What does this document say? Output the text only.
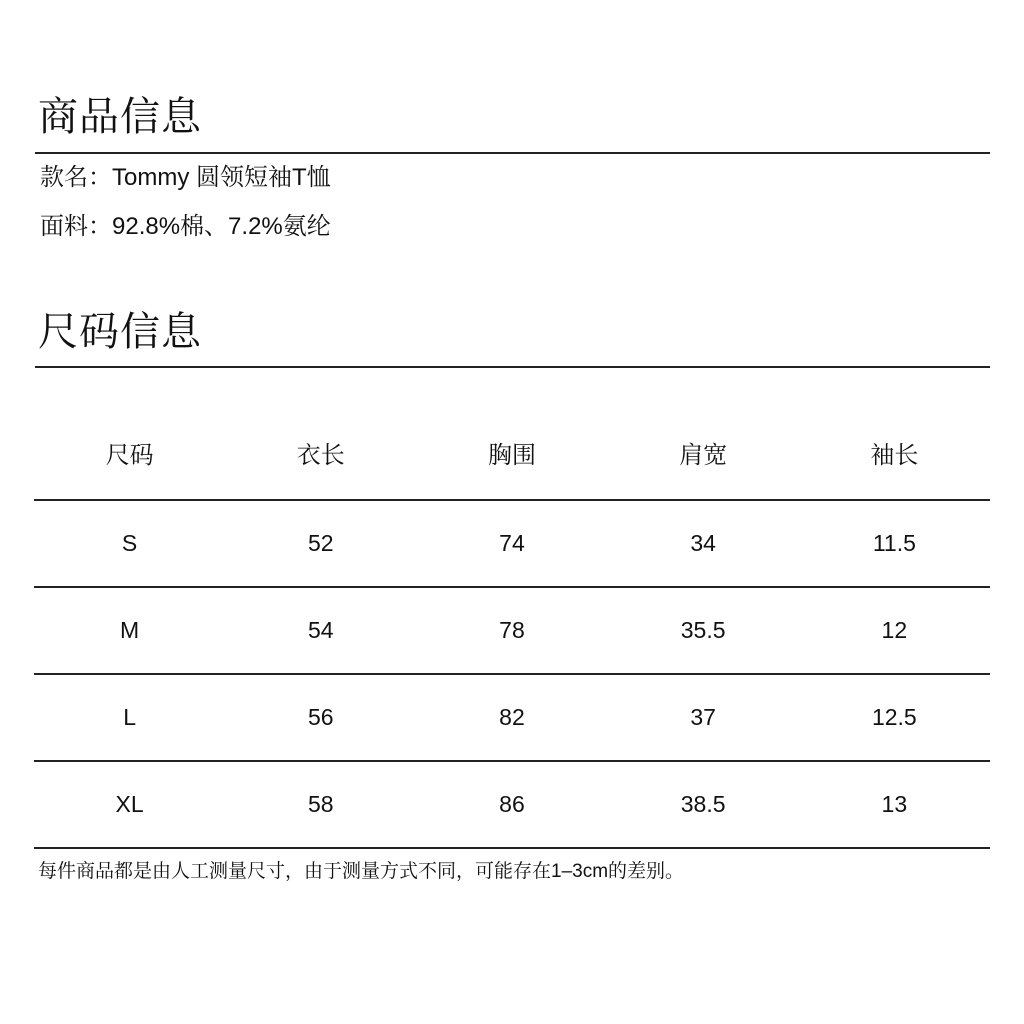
商品信息
款名：Tommy 圆领短袖T恤
面料：92.8%棉、7.2%氨纶
尺码信息
尺码	衣长	胸围	肩宽	袖长
S	52	74	34	11.5
M	54	78	35.5	12
L	56	82	37	12.5
XL	58	86	38.5	13
每件商品都是由人工测量尺寸，由于测量方式不同，可能存在1–3cm的差别。
